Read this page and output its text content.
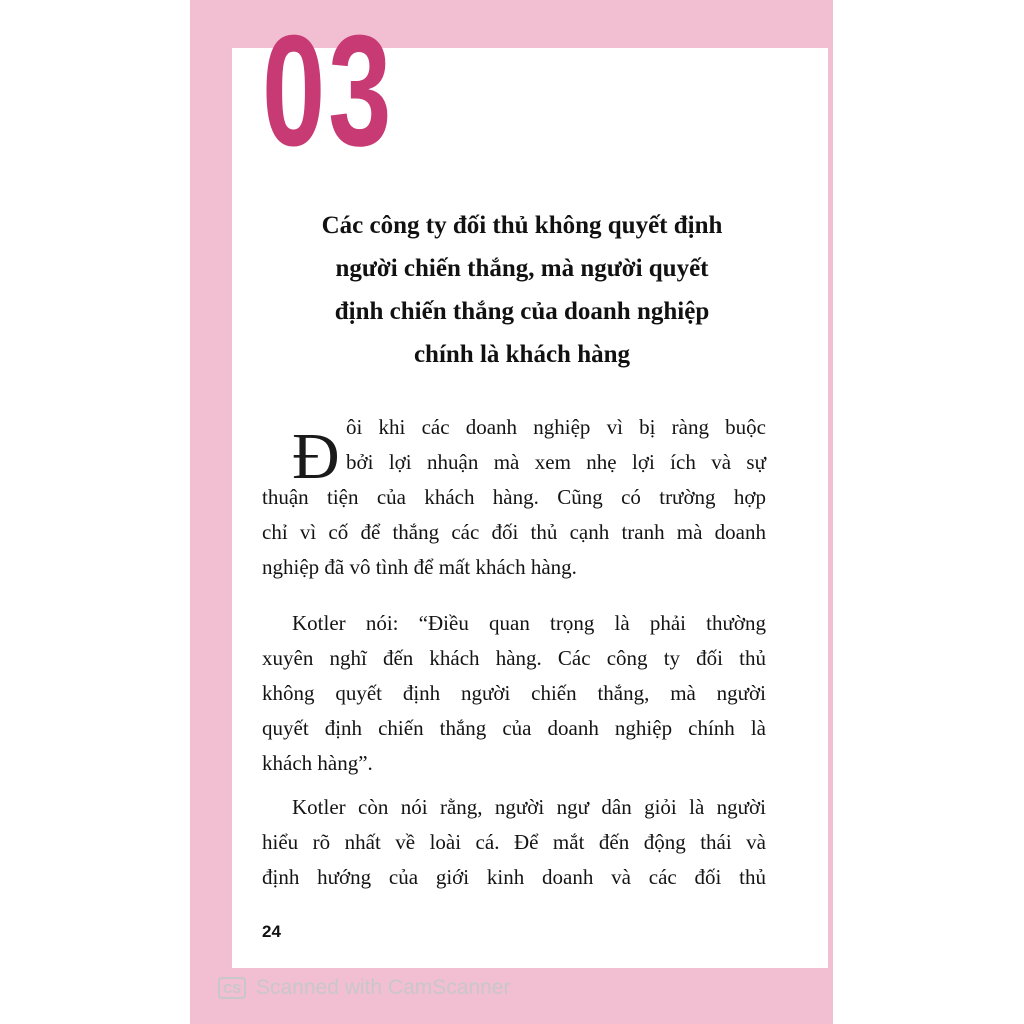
03
Các công ty đối thủ không quyết định
người chiến thắng, mà người quyết
định chiến thắng của doanh nghiệp
chính là khách hàng
Đ ôi khi các doanh nghiệp vì bị ràng buộc
bởi lợi nhuận mà xem nhẹ lợi ích và sự
thuận tiện của khách hàng. Cũng có trường hợp
chỉ vì cố để thắng các đối thủ cạnh tranh mà doanh
nghiệp đã vô tình để mất khách hàng.
Kotler nói: “Điều quan trọng là phải thường
xuyên nghĩ đến khách hàng. Các công ty đối thủ
không quyết định người chiến thắng, mà người
quyết định chiến thắng của doanh nghiệp chính là
khách hàng”.
Kotler còn nói rằng, người ngư dân giỏi là người
hiểu rõ nhất về loài cá. Để mắt đến động thái và
định hướng của giới kinh doanh và các đối thủ
24
CS Scanned with CamScanner
